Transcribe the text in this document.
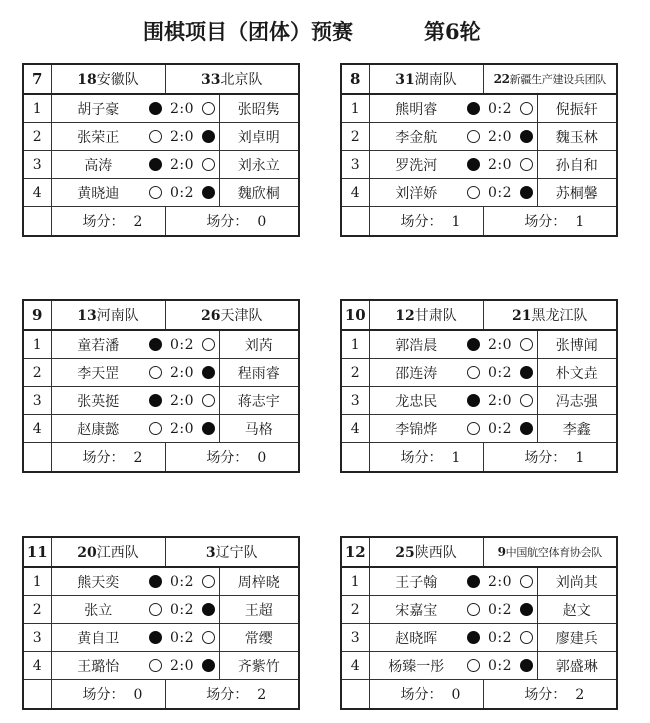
围棋项目（团体）预赛	第6轮
7	18安徽队		33北京队		
1	胡子豪		2:0		张昭隽
2	张荣正		2:0		刘卓明
3	高涛		2:0		刘永立
4	黄晓迪		0:2		魏欣桐
	场分： 2		场分： 0		
8	31湖南队		22新疆生产建设兵团队		
1	熊明睿		0:2		倪振轩
2	李金航		2:0		魏玉林
3	罗洗河		2:0		孙自和
4	刘洋娇		0:2		苏桐馨
	场分： 1		场分： 1		
9	13河南队		26天津队		
1	童若潘		0:2		刘芮
2	李天罡		2:0		程雨睿
3	张英挺		2:0		蒋志宇
4	赵康懿		2:0		马格
	场分： 2		场分： 0		
10	12甘肃队		21黑龙江队		
1	郭浩晨		2:0		张博闻
2	邵连涛		0:2		朴文垚
3	龙忠民		2:0		冯志强
4	李锦烨		0:2		李鑫
	场分： 1		场分： 1		
11	20江西队		3辽宁队		
1	熊天奕		0:2		周梓晓
2	张立		0:2		王超
3	黄自卫		0:2		常缨
4	王璐怡		2:0		齐紫竹
	场分： 0		场分： 2		
12	25陕西队		9中国航空体育协会队		
1	王子翰		2:0		刘尚其
2	宋嘉宝		0:2		赵文
3	赵晓晖		0:2		廖建兵
4	杨臻一彤		0:2		郭盛琳
	场分： 0		场分： 2		
